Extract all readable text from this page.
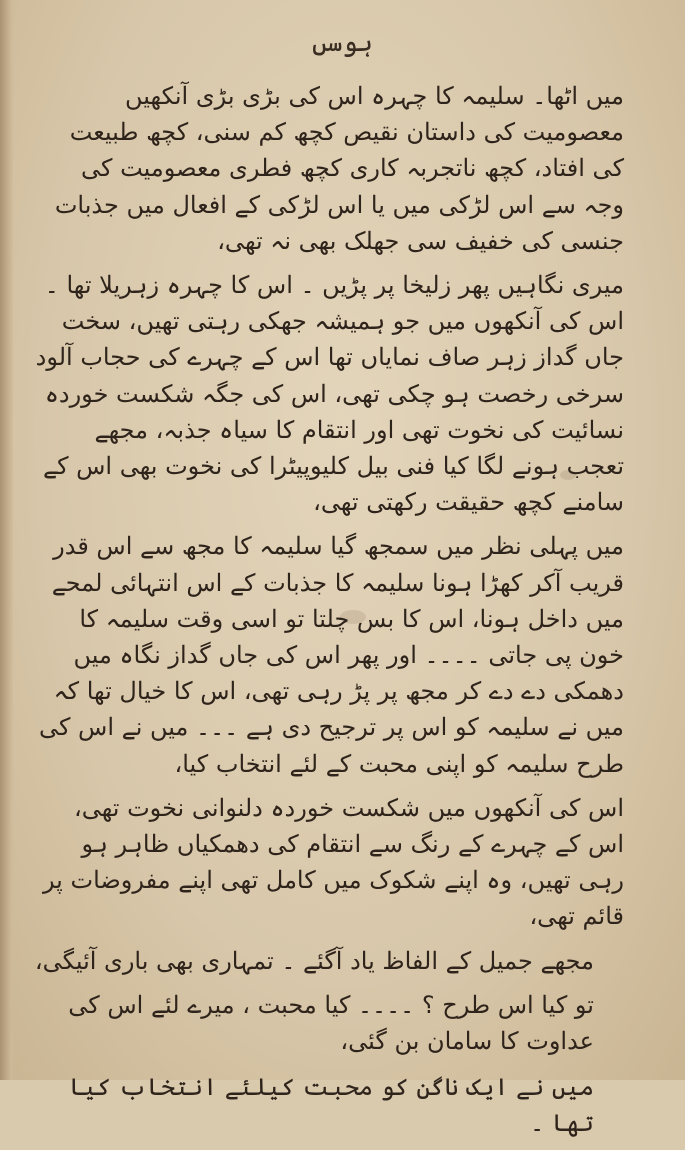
ہوسں

میں اٹھا۔ سلیمہ کا چہرہ اس کی بڑی بڑی آنکھیں معصومیت کی داستان نقیص کچھ کم سنی، کچھ طبیعت کی افتاد، کچھ ناتجربہ کاری کچھ فطری معصومیت کی وجہ سے اس لڑکی میں یا اس لڑکی کے افعال میں جذبات جنسی کی خفیف سی جھلک بھی نہ تھی،

میری نگاہیں پھر زلیخا پر پڑیں ۔ اس کا چہرہ زہریلا تھا ۔ اس کی آنکھوں میں جو ہمیشہ جھکی رہتی تھیں، سخت جاں گداز زہر صاف نمایاں تھا اس کے چہرے کی حجاب آلود سرخی رخصت ہو چکی تھی، اس کی جگہ شکست خوردہ نسائیت کی نخوت تھی اور انتقام کا سیاہ جذبہ، مجھے تعجب ہونے لگا کیا فنی بیل کلیوپیٹرا کی نخوت بھی اس کے سامنے کچھ حقیقت رکھتی تھی،

میں پہلی نظر میں سمجھ گیا سلیمہ کا مجھ سے اس قدر قریب آکر کھڑا ہونا سلیمہ کا جذبات کے اس انتہائی لمحے میں داخل ہونا، اس کا بس چلتا تو اسی وقت سلیمہ کا خون پی جاتی ۔۔۔۔ اور پھر اس کی جاں گداز نگاہ میں دھمکی دے دے کر مجھ پر پڑ رہی تھی، اس کا خیال تھا کہ میں نے سلیمہ کو اس پر ترجیح دی ہے ۔۔۔ میں نے اس کی طرح سلیمہ کو اپنی محبت کے لئے انتخاب کیا،

اس کی آنکھوں میں شکست خوردہ دلنوانی نخوت تھی، اس کے چہرے کے رنگ سے انتقام کی دھمکیاں ظاہر ہو رہی تھیں، وہ اپنے شکوک میں کامل تھی اپنے مفروضات پر قائم تھی،

مجھے جمیل کے الفاظ یاد آگئے ۔ تمہاری بھی باری آئیگی،

تو کیا اس طرح ؟ ۔۔۔۔ کیا محبت ، میرے لئے اس کی عداوت کا سامان بن گئی،

میں نے ایک ناگن کو محبت کیلئے انتخاب کیا تھا ۔
